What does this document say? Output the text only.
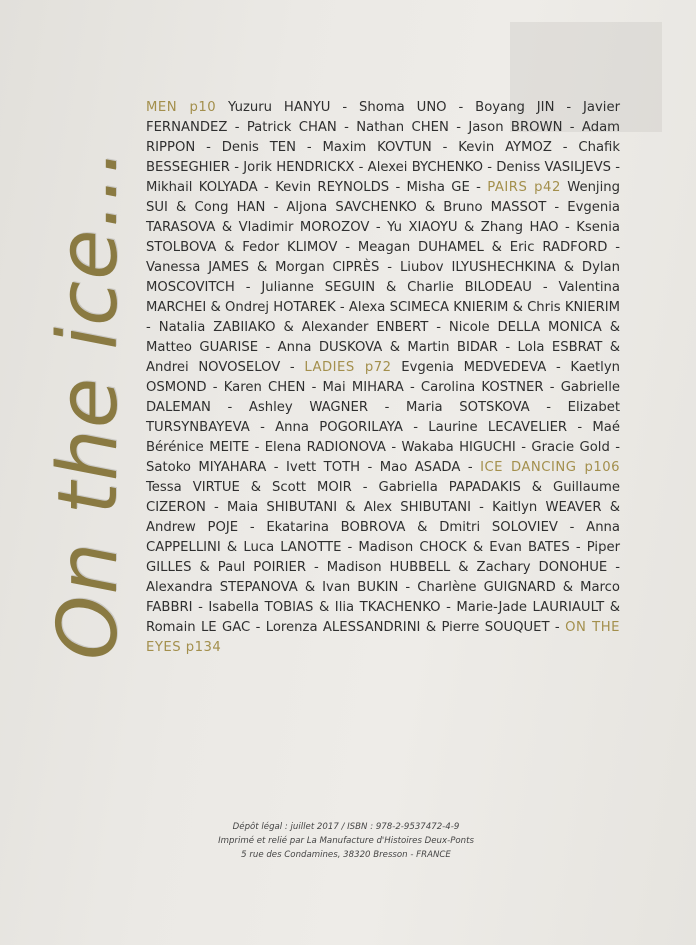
On the ice...
MEN p10 Yuzuru HANYU - Shoma UNO - Boyang JIN - Javier FERNANDEZ - Patrick CHAN - Nathan CHEN - Jason BROWN - Adam RIPPON - Denis TEN - Maxim KOVTUN - Kevin AYMOZ - Chafik BESSEGHIER - Jorik HENDRICKX - Alexei BYCHENKO - Deniss VASILJEVS - Mikhail KOLYADA - Kevin REYNOLDS - Misha GE - PAIRS p42 Wenjing SUI & Cong HAN - Aljona SAVCHENKO & Bruno MASSOT - Evgenia TARASOVA & Vladimir MOROZOV - Yu XIAOYU & Zhang HAO - Ksenia STOLBOVA & Fedor KLIMOV - Meagan DUHAMEL & Eric RADFORD - Vanessa JAMES & Morgan CIPRÈS - Liubov ILYUSHECHKINA & Dylan MOSCOVITCH - Julianne SEGUIN & Charlie BILODEAU - Valentina MARCHEI & Ondrej HOTAREK - Alexa SCIMECA KNIERIM & Chris KNIERIM - Natalia ZABIIAKO & Alexander ENBERT - Nicole DELLA MONICA & Matteo GUARISE - Anna DUSKOVA & Martin BIDAR - Lola ESBRAT & Andrei NOVOSELOV - LADIES p72 Evgenia MEDVEDEVA - Kaetlyn OSMOND - Karen CHEN - Mai MIHARA - Carolina KOSTNER - Gabrielle DALEMAN - Ashley WAGNER - Maria SOTSKOVA - Elizabet TURSYNBAYEVA - Anna POGORILAYA - Laurine LECAVELIER - Maé Bérénice MEITE - Elena RADIONOVA - Wakaba HIGUCHI - Gracie Gold - Satoko MIYAHARA - Ivett TOTH - Mao ASADA - ICE DANCING p106 Tessa VIRTUE & Scott MOIR - Gabriella PAPADAKIS & Guillaume CIZERON - Maia SHIBUTANI & Alex SHIBUTANI - Kaitlyn WEAVER & Andrew POJE - Ekatarina BOBROVA & Dmitri SOLOVIEV - Anna CAPPELLINI & Luca LANOTTE - Madison CHOCK & Evan BATES - Piper GILLES & Paul POIRIER - Madison HUBBELL & Zachary DONOHUE - Alexandra STEPANOVA & Ivan BUKIN - Charlène GUIGNARD & Marco FABBRI - Isabella TOBIAS & Ilia TKACHENKO - Marie-Jade LAURIAULT & Romain LE GAC - Lorenza ALESSANDRINI & Pierre SOUQUET - ON THE EYES p134
Dépôt légal : juillet 2017 / ISBN : 978-2-9537472-4-9
Imprimé et relié par La Manufacture d'Histoires Deux-Ponts
5 rue des Condamines, 38320 Bresson - FRANCE
